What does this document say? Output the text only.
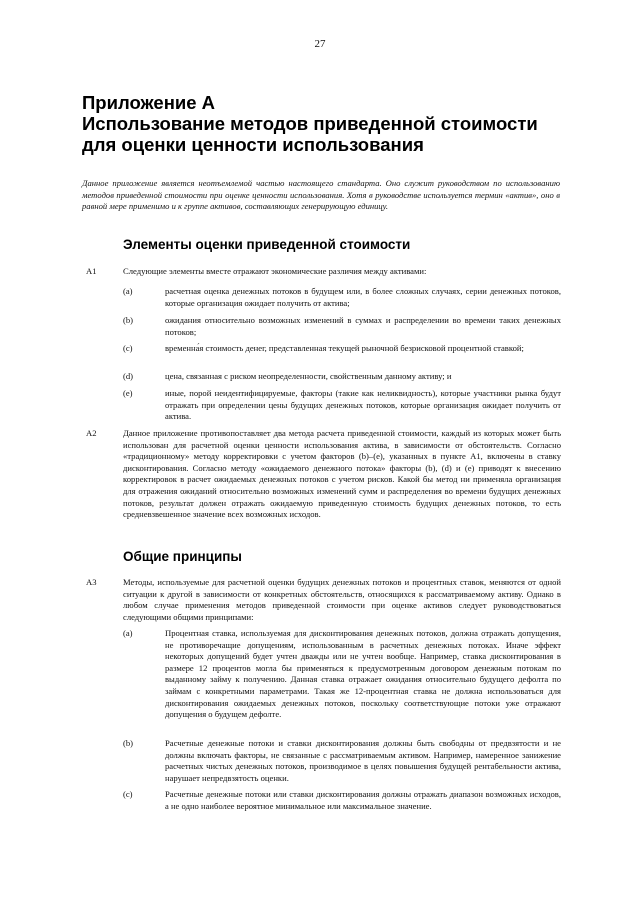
27
Приложение А
Использование методов приведенной стоимости
для оценки ценности использования
Данное приложение является неотъемлемой частью настоящего стандарта. Оно служит руководством по использованию методов приведенной стоимости при оценке ценности использования. Хотя в руководстве используется термин «актив», оно в равной мере применимо и к группе активов, составляющих генерирующую единицу.
Элементы оценки приведенной стоимости
A1	Следующие элементы вместе отражают экономические различия между активами:
(a)	расчетная оценка денежных потоков в будущем или, в более сложных случаях, серии денежных потоков, которые организация ожидает получить от актива;
(b)	ожидания относительно возможных изменений в суммах и распределении во времени таких денежных потоков;
(c)	временна́я стоимость денег, представленная текущей рыночной безрисковой процентной ставкой;
(d)	цена, связанная с риском неопределенности, свойственным данному активу; и
(e)	иные, порой неидентифицируемые, факторы (такие как неликвидность), которые участники рынка будут отражать при определении цены будущих денежных потоков, которые организация ожидает получить от актива.
A2	Данное приложение противопоставляет два метода расчета приведенной стоимости, каждый из которых может быть использован для расчетной оценки ценности использования актива, в зависимости от обстоятельств. Согласно «традиционному» методу корректировки с учетом факторов (b)–(e), указанных в пункте A1, включены в ставку дисконтирования. Согласно методу «ожидаемого денежного потока» факторы (b), (d) и (e) приводят к внесению корректировок в расчет ожидаемых денежных потоков с учетом рисков. Какой бы метод ни применяла организация для отражения ожиданий относительно возможных изменений сумм и распределения во времени будущих денежных потоков, результат должен отражать ожидаемую приведенную стоимость будущих денежных потоков, то есть средневзвешенное значение всех возможных исходов.
Общие принципы
A3	Методы, используемые для расчетной оценки будущих денежных потоков и процентных ставок, меняются от одной ситуации к другой в зависимости от конкретных обстоятельств, относящихся к рассматриваемому активу. Однако в любом случае применения методов приведенной стоимости при оценке активов следует руководствоваться следующими общими принципами:
(a)	Процентная ставка, используемая для дисконтирования денежных потоков, должна отражать допущения, не противоречащие допущениям, использованным в расчетных денежных потоках. Иначе эффект некоторых допущений будет учтен дважды или не учтен вообще. Например, ставка дисконтирования в размере 12 процентов могла бы применяться к предусмотренным договором денежным потокам по выданному займу к получению. Данная ставка отражает ожидания относительно будущего дефолта по займам с конкретными параметрами. Такая же 12-процентная ставка не должна использоваться для дисконтирования ожидаемых денежных потоков, поскольку соответствующие потоки уже отражают допущения о будущем дефолте.
(b)	Расчетные денежные потоки и ставки дисконтирования должны быть свободны от предвзятости и не должны включать факторы, не связанные с рассматриваемым активом. Например, намеренное занижение расчетных чистых денежных потоков, производимое в целях повышения будущей рентабельности актива, нарушает непредвзятость оценки.
(c)	Расчетные денежные потоки или ставки дисконтирования должны отражать диапазон возможных исходов, а не одно наиболее вероятное минимальное или максимальное значение.
